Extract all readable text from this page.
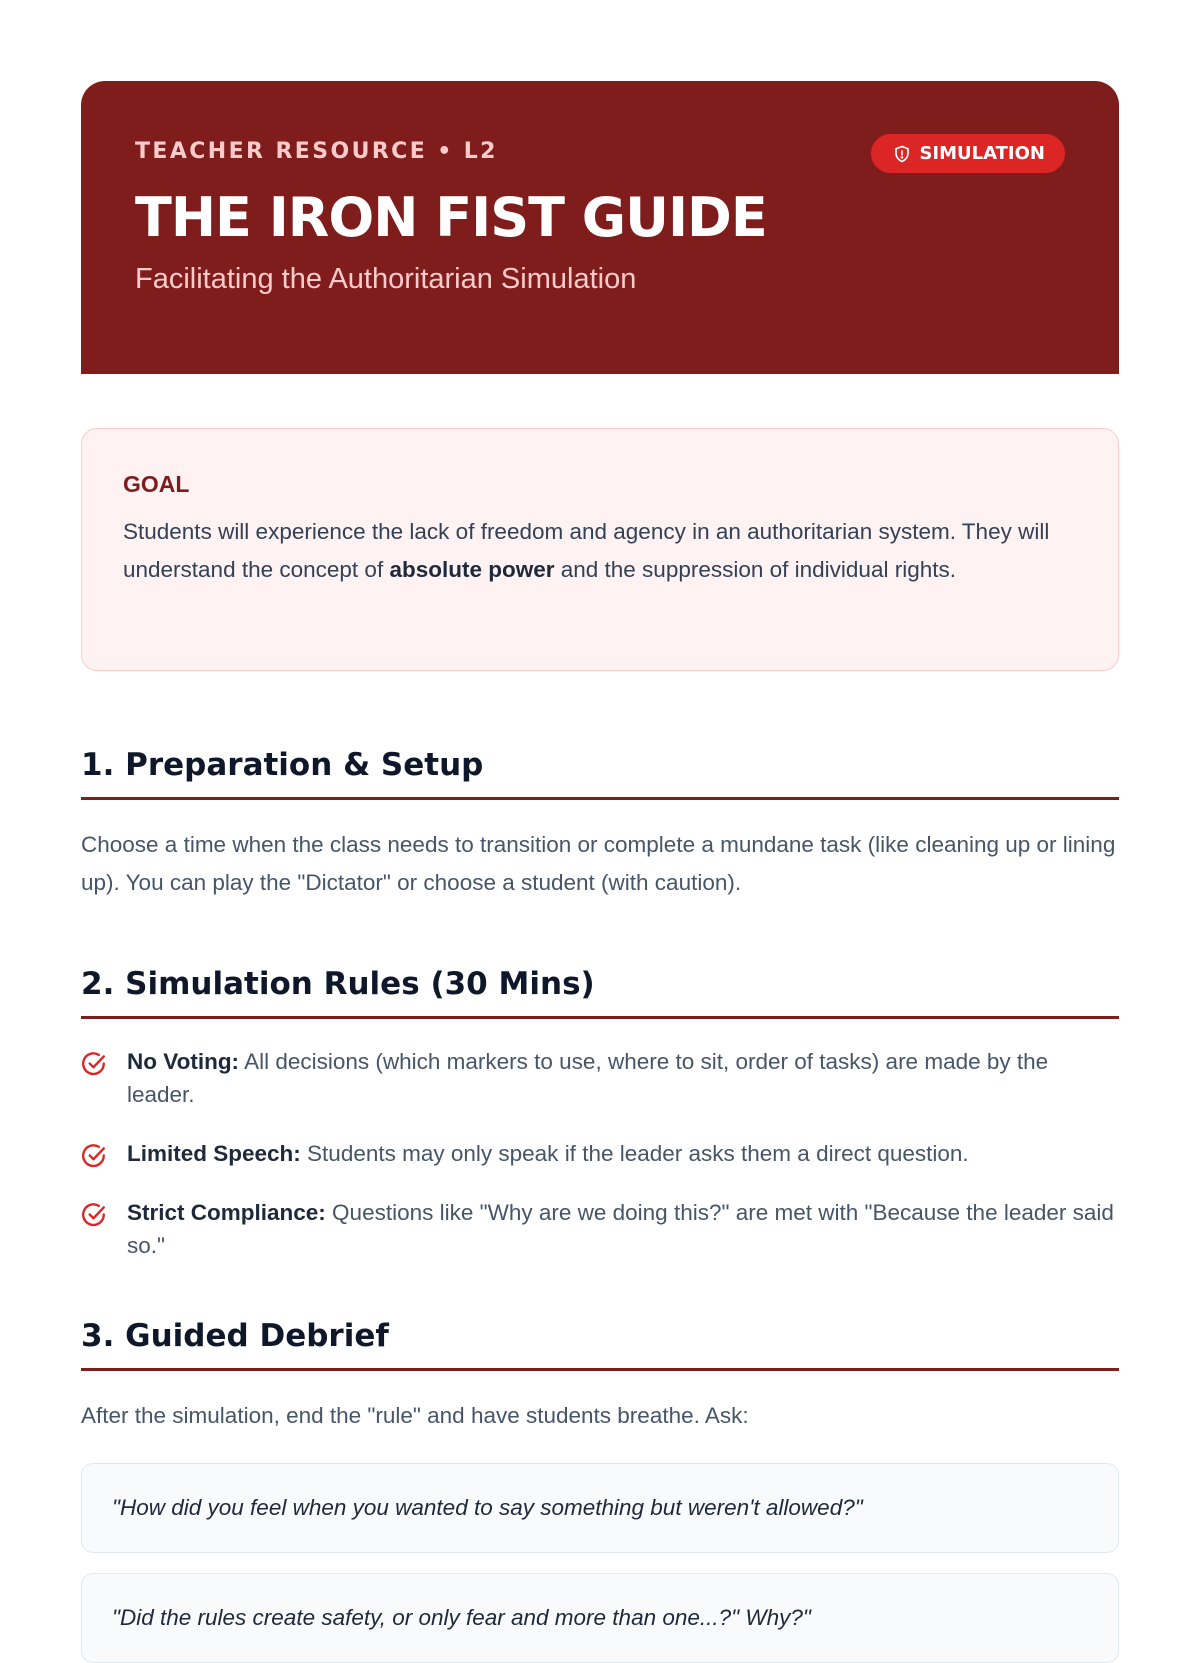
TEACHER RESOURCE • L2	SIMULATION
THE IRON FIST GUIDE
Facilitating the Authoritarian Simulation
GOAL

Students will experience the lack of freedom and agency in an authoritarian system. They will understand the concept of absolute power and the suppression of individual rights.

1. Preparation & Setup

Choose a time when the class needs to transition or complete a mundane task (like cleaning up or lining up). You can play the "Dictator" or choose a student (with caution).

2. Simulation Rules (30 Mins)
No Voting: All decisions (which markers to use, where to sit, order of tasks) are made by the leader.
Limited Speech: Students may only speak if the leader asks them a direct question.
Strict Compliance: Questions like "Why are we doing this?" are met with "Because the leader said so."
3. Guided Debrief

After the simulation, end the "rule" and have students breathe. Ask:

"How did you feel when you wanted to say something but weren't allowed?"
"Did the rules create safety, or only fear and more than one...?" Why?"
